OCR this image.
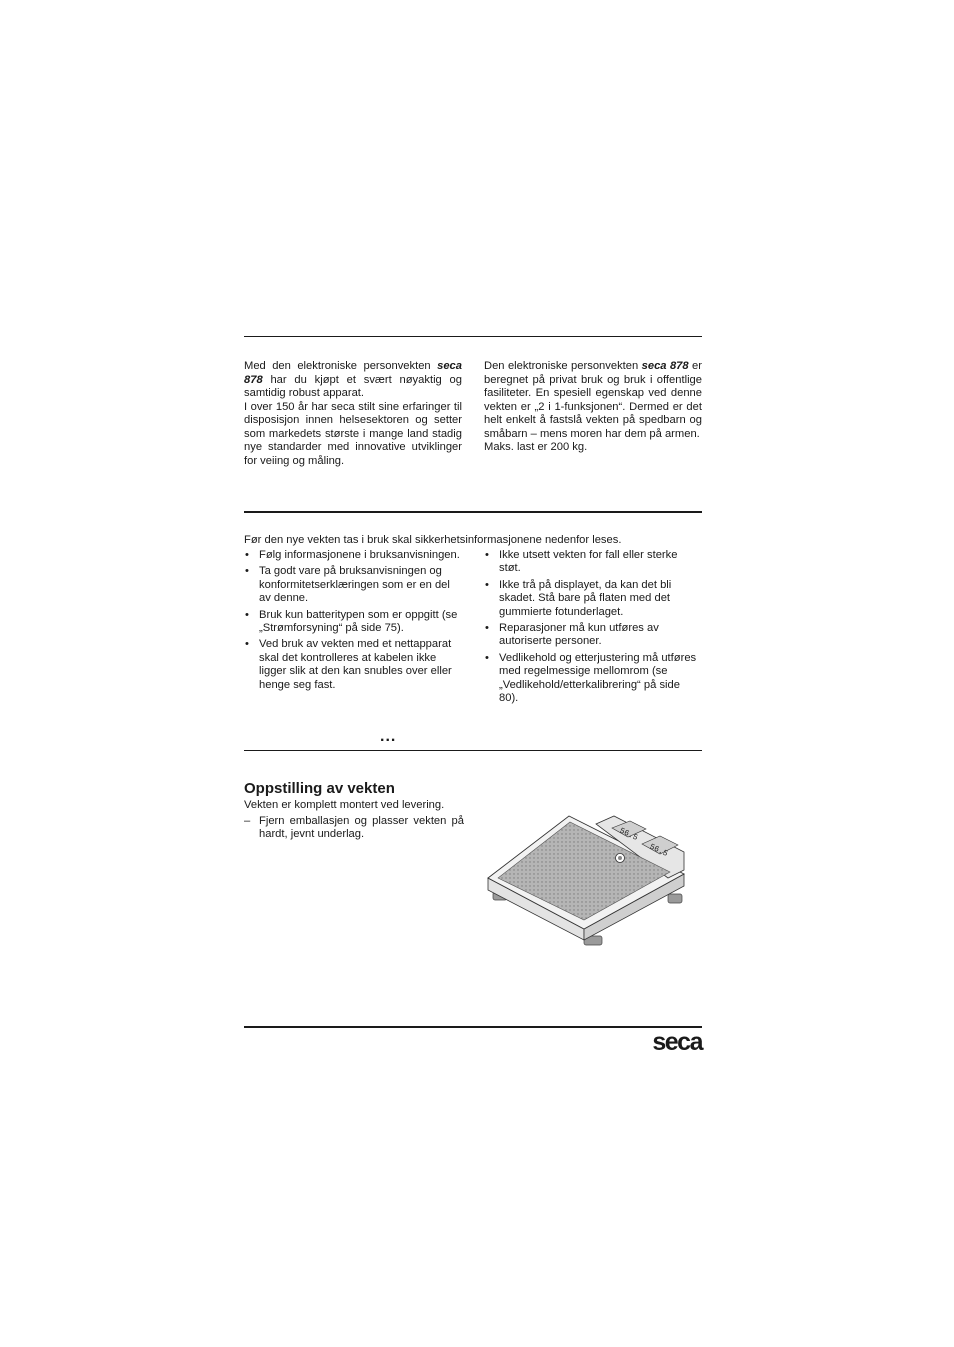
Med den elektroniske personvekten seca 878 har du kjøpt et svært nøyaktig og samtidig robust apparat.

I over 150 år har seca stilt sine erfaringer til disposisjon innen helsesektoren og setter som markedets største i mange land stadig nye standarder med innovative utviklinger for veiing og måling.

Den elektroniske personvekten seca 878 er beregnet på privat bruk og bruk i offentlige fasiliteter. En spesiell egenskap ved denne vekten er „2 i 1-funksjonen“. Dermed er det helt enkelt å fastslå vekten på spedbarn og småbarn – mens moren har dem på armen.

Maks. last er 200 kg.

Før den nye vekten tas i bruk skal sikkerhetsinformasjonene nedenfor leses.
• Følg informasjonene i bruksanvisningen.
• Ta godt vare på bruksanvisningen og konformitetserklæringen som er en del av denne.
• Bruk kun batteritypen som er oppgitt (se „Strømforsyning“ på side 75).
• Ved bruk av vekten med et nettapparat skal det kontrolleres at kabelen ikke ligger slik at den kan snubles over eller henge seg fast.
• Ikke utsett vekten for fall eller sterke støt.
• Ikke trå på displayet, da kan det bli skadet. Stå bare på flaten med det gummierte fotunderlaget.
• Reparasjoner må kun utføres av autoriserte personer.
• Vedlikehold og etterjustering må utføres med regelmessige mellomrom (se „Vedlikehold/etterkalibrering“ på side 80).
...
Oppstilling av vekten
Vekten er komplett montert ved levering.
– Fjern emballasjen og plasser vekten på hardt, jevnt underlag.	56.5
56.5
seca
